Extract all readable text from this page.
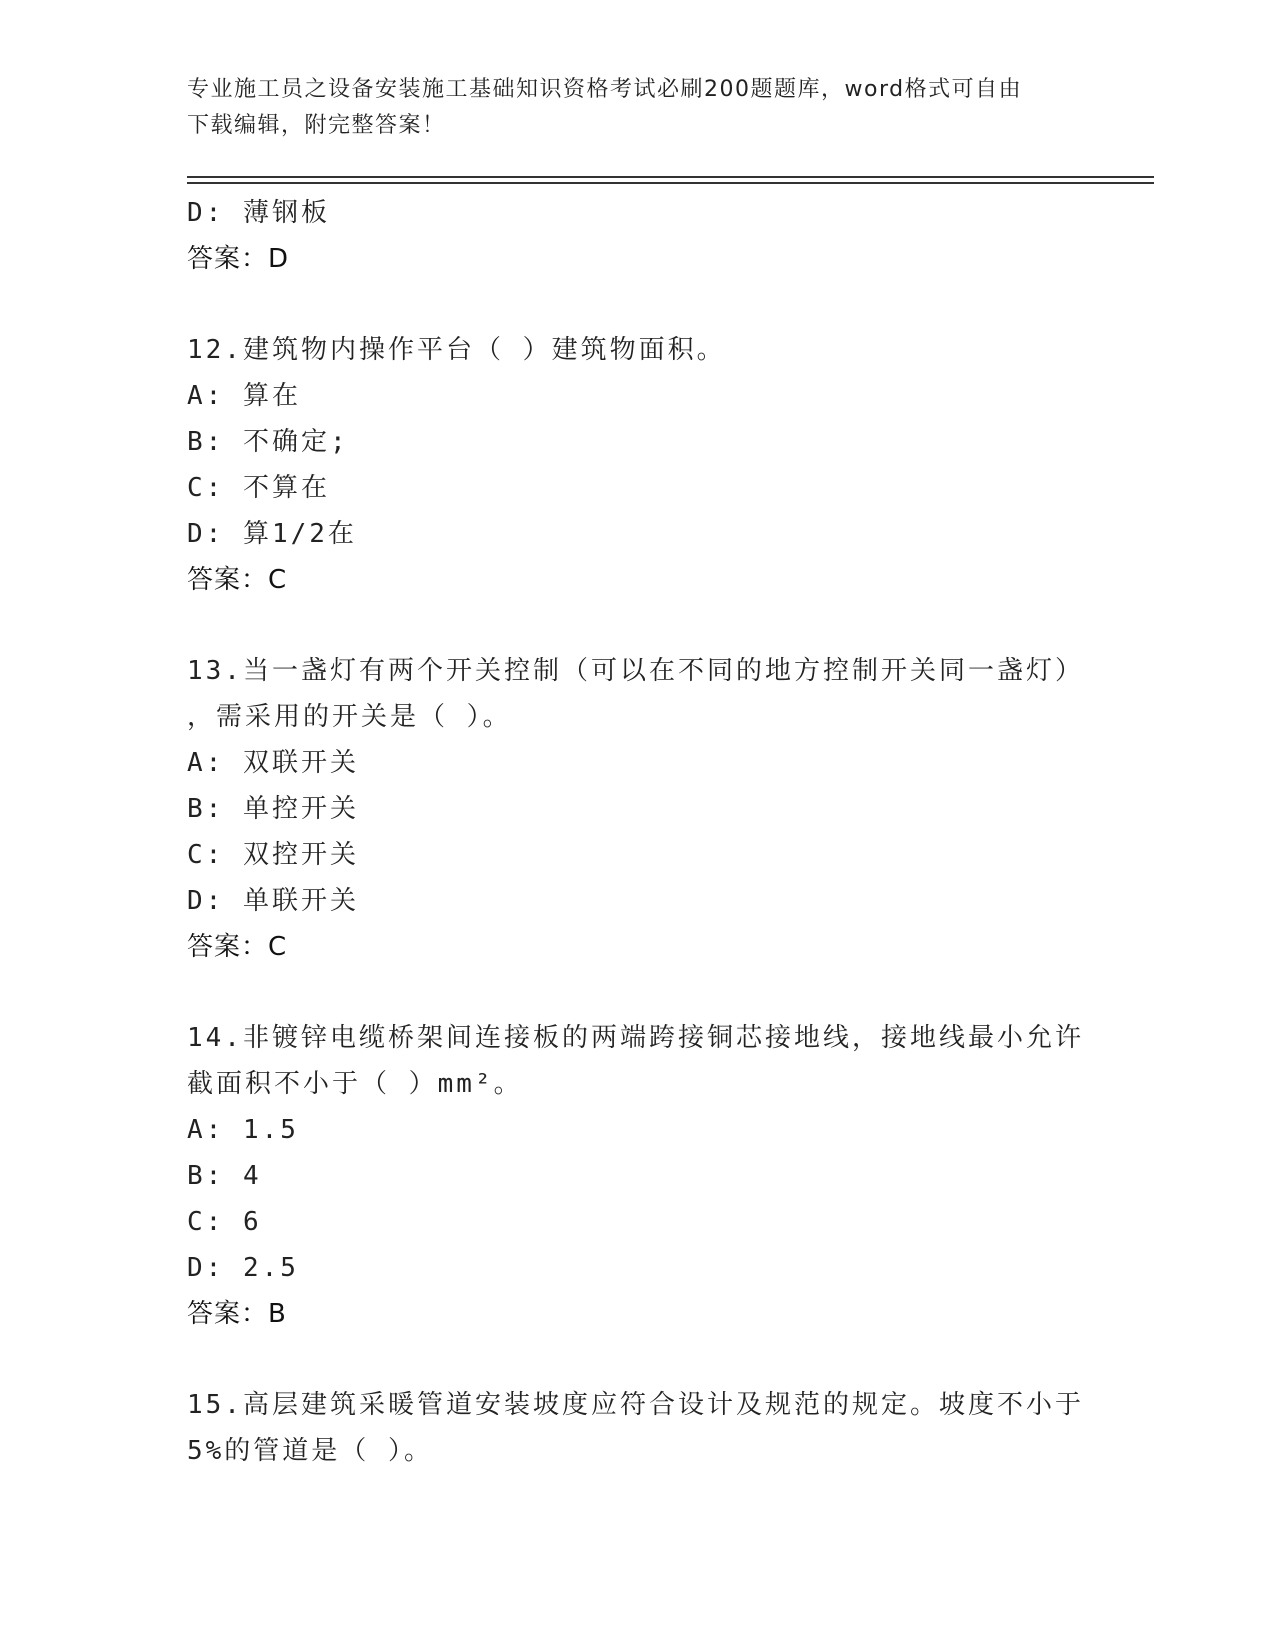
专业施工员之设备安装施工基础知识资格考试必刷200题题库，word格式可自由
下载编辑，附完整答案！
D: 薄钢板
答案：D
12.建筑物内操作平台（ ）建筑物面积。
A: 算在
B: 不确定;
C: 不算在
D: 算1/2在
答案：C
13.当一盏灯有两个开关控制（可以在不同的地方控制开关同一盏灯）
，需采用的开关是（ ）。
A: 双联开关
B: 单控开关
C: 双控开关
D: 单联开关
答案：C
14.非镀锌电缆桥架间连接板的两端跨接铜芯接地线，接地线最小允许
截面积不小于（ ）mm²。
A: 1.5
B: 4
C: 6
D: 2.5
答案：B
15.高层建筑采暖管道安装坡度应符合设计及规范的规定。坡度不小于
5%的管道是（ ）。
